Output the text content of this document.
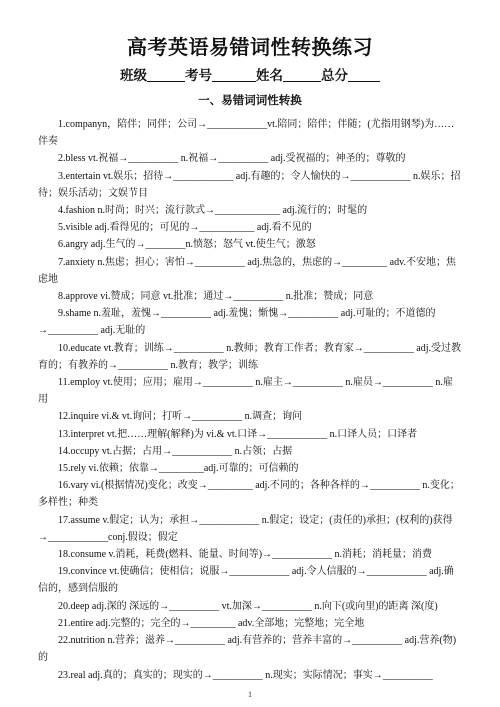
高考英语易错词性转换练习
班级	考号	姓名	总分
一、易错词词性转换

1.companyn，陪伴；同伴；公司→____________vt.陪同；陪伴；伴随；(尤指用钢琴)为……伴奏

2.bless vt.祝福→__________ n.祝福→__________ adj.受祝福的；神圣的；尊敬的

3.entertain vt.娱乐；招待→____________ adj.有趣的；令人愉快的→____________ n.娱乐；招待；娱乐活动；文娱节目

4.fashion n.时尚；时兴；流行款式→_____________ adj.流行的；时髦的

5.visible adj.看得见的；可见的→___________ adj.看不见的

6.angry adj.生气的→________n.愤怒；怒气 vt.使生气；激怒

7.anxiety n.焦虑；担心；害怕→__________ adj.焦急的，焦虑的→_________ adv.不安地；焦虑地

8.approve vi.赞成；同意 vt.批准；通过→__________ n.批准；赞成；同意

9.shame n.羞耻，羞愧→__________ adj.羞愧；惭愧→__________ adj.可耻的；不道德的→__________ adj.无耻的

10.educate vt.教育；训练→__________ n.教师；教育工作者；教育家→__________ adj.受过教育的；有教养的→__________ n.教育；教学；训练

11.employ vt.使用；应用；雇用→__________ n.雇主→__________ n.雇员→__________ n.雇用

12.inquire vi.& vt.询问；打听→__________ n.调查；询问

13.interpret vt.把……理解(解释)为 vi.& vt.口译→____________ n.口译人员；口译者

14.occupy vt.占据；占用→____________ n.占领；占据

15.rely vi.依赖；依靠→_________adj.可靠的；可信赖的

16.vary vi.(根据情况)变化；改变→_________ adj.不同的；各种各样的→__________ n.变化；多样性；种类

17.assume v.假定；认为；承担→____________ n.假定；设定；(责任的)承担；(权利的)获得→____________conj.假设；假定

18.consume v.消耗，耗费(燃料、能量、时间等)→____________ n.消耗；消耗量；消费

19.convince vt.使确信；使相信；说服→____________ adj.令人信服的→____________ adj.确信的，感到信服的

20.deep adj.深的 深远的→__________ vt.加深→__________ n.向下(或向里)的距离 深(度)

21.entire adj.完整的；完全的→_________ adv.全部地；完整地；完全地

22.nutrition n.营养；滋养→__________ adj.有营养的；营养丰富的→__________ adj.营养(物)的

23.real adj.真的；真实的；现实的→__________ n.现实；实际情况；事实→__________

1
